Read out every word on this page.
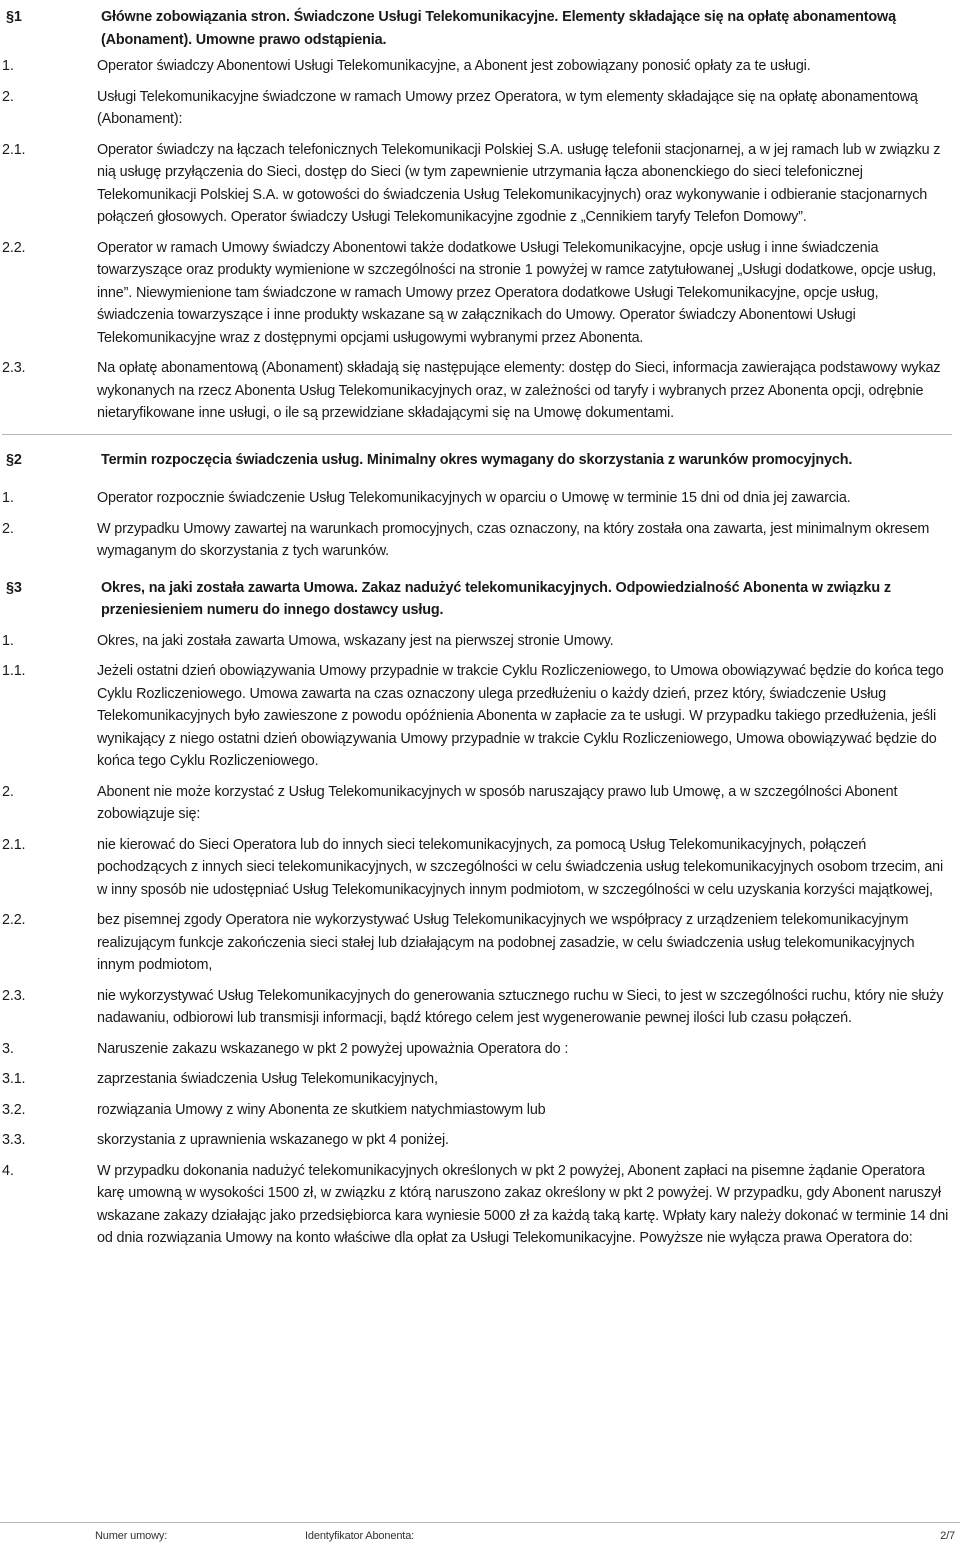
§1	Główne zobowiązania stron. Świadczone Usługi Telekomunikacyjne. Elementy składające się na opłatę abonamentową (Abonament). Umowne prawo odstąpienia.
1.	Operator świadczy Abonentowi Usługi Telekomunikacyjne, a Abonent jest zobowiązany ponosić opłaty za te usługi.
2.	Usługi Telekomunikacyjne świadczone w ramach Umowy przez Operatora, w tym elementy składające się na opłatę abonamentową (Abonament):
2.1.	Operator świadczy na łączach telefonicznych Telekomunikacji Polskiej S.A. usługę telefonii stacjonarnej, a w jej ramach lub w związku z nią usługę przyłączenia do Sieci, dostęp do Sieci (w tym zapewnienie utrzymania łącza abonenckiego do sieci telefonicznej Telekomunikacji Polskiej S.A. w gotowości do świadczenia Usług Telekomunikacyjnych) oraz wykonywanie i odbieranie stacjonarnych połączeń głosowych. Operator świadczy Usługi Telekomunikacyjne zgodnie z „Cennikiem taryfy Telefon Domowy”.
2.2.	Operator w ramach Umowy świadczy Abonentowi także dodatkowe Usługi Telekomunikacyjne, opcje usług i inne świadczenia towarzyszące oraz produkty wymienione w szczególności na stronie 1 powyżej w ramce zatytułowanej „Usługi dodatkowe, opcje usług, inne”. Niewymienione tam świadczone w ramach Umowy przez Operatora dodatkowe Usługi Telekomunikacyjne, opcje usług, świadczenia towarzyszące i inne produkty wskazane są w załącznikach do Umowy. Operator świadczy Abonentowi Usługi Telekomunikacyjne wraz z dostępnymi opcjami usługowymi wybranymi przez Abonenta.
2.3.	Na opłatę abonamentową (Abonament) składają się następujące elementy: dostęp do Sieci, informacja zawierająca podstawowy wykaz wykonanych na rzecz Abonenta Usług Telekomunikacyjnych oraz, w zależności od taryfy i wybranych przez Abonenta opcji, odrębnie nietaryfikowane inne usługi, o ile są przewidziane składającymi się na Umowę dokumentami.
§2	Termin rozpoczęcia świadczenia usług. Minimalny okres wymagany do skorzystania z warunków promocyjnych.
1.	Operator rozpocznie świadczenie Usług Telekomunikacyjnych w oparciu o Umowę w terminie 15 dni od dnia jej zawarcia.
2.	W przypadku Umowy zawartej na warunkach promocyjnych, czas oznaczony, na który została ona zawarta, jest minimalnym okresem wymaganym do skorzystania z tych warunków.
§3	Okres, na jaki została zawarta Umowa. Zakaz nadużyć telekomunikacyjnych. Odpowiedzialność Abonenta w związku z przeniesieniem numeru do innego dostawcy usług.
1.	Okres, na jaki została zawarta Umowa, wskazany jest na pierwszej stronie Umowy.
1.1.	Jeżeli ostatni dzień obowiązywania Umowy przypadnie w trakcie Cyklu Rozliczeniowego, to Umowa obowiązywać będzie do końca tego Cyklu Rozliczeniowego. Umowa zawarta na czas oznaczony ulega przedłużeniu o każdy dzień, przez który, świadczenie Usług Telekomunikacyjnych było zawieszone z powodu opóźnienia Abonenta w zapłacie za te usługi. W przypadku takiego przedłużenia, jeśli wynikający z niego ostatni dzień obowiązywania Umowy przypadnie w trakcie Cyklu Rozliczeniowego, Umowa obowiązywać będzie do końca tego Cyklu Rozliczeniowego.
2.	Abonent nie może korzystać z Usług Telekomunikacyjnych w sposób naruszający prawo lub Umowę, a w szczególności Abonent zobowiązuje się:
2.1.	nie kierować do Sieci Operatora lub do innych sieci telekomunikacyjnych, za pomocą Usług Telekomunikacyjnych, połączeń pochodzących z innych sieci telekomunikacyjnych, w szczególności w celu świadczenia usług telekomunikacyjnych osobom trzecim, ani w inny sposób nie udostępniać Usług Telekomunikacyjnych innym podmiotom, w szczególności w celu uzyskania korzyści majątkowej,
2.2.	bez pisemnej zgody Operatora nie wykorzystywać Usług Telekomunikacyjnych we współpracy z urządzeniem telekomunikacyjnym realizującym funkcje zakończenia sieci stałej lub działającym na podobnej zasadzie, w celu świadczenia usług telekomunikacyjnych innym podmiotom,
2.3.	nie wykorzystywać Usług Telekomunikacyjnych do generowania sztucznego ruchu w Sieci, to jest w szczególności ruchu, który nie służy nadawaniu, odbiorowi lub transmisji informacji, bądź którego celem jest wygenerowanie pewnej ilości lub czasu połączeń.
3.	Naruszenie zakazu wskazanego w pkt 2 powyżej upoważnia Operatora do :
3.1.	zaprzestania świadczenia Usług Telekomunikacyjnych,
3.2.	rozwiązania Umowy z winy Abonenta ze skutkiem natychmiastowym lub
3.3.	skorzystania z uprawnienia wskazanego w pkt 4 poniżej.
4.	W przypadku dokonania nadużyć telekomunikacyjnych określonych w pkt 2 powyżej, Abonent zapłaci na pisemne żądanie Operatora karę umowną w wysokości 1500 zł, w związku z którą naruszono zakaz określony w pkt 2 powyżej. W przypadku, gdy Abonent naruszył wskazane zakazy działając jako przedsiębiorca kara wyniesie 5000 zł za każdą taką kartę. Wpłaty kary należy dokonać w terminie 14 dni od dnia rozwiązania Umowy na konto właściwe dla opłat za Usługi Telekomunikacyjne. Powyższe nie wyłącza prawa Operatora do:
Numer umowy:	Identyfikator Abonenta:	2/7
